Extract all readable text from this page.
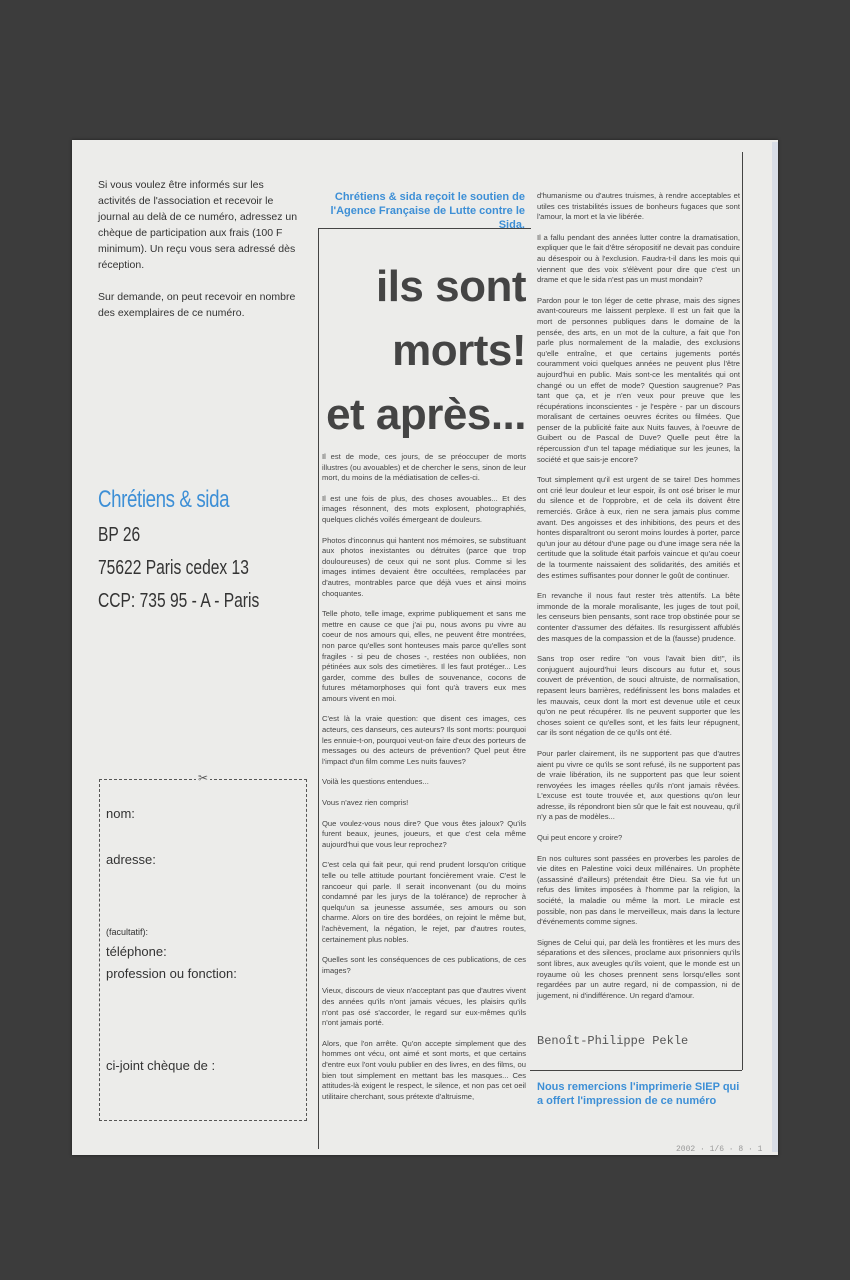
Si vous voulez être informés sur les activités de l'association et recevoir le journal au delà de ce numéro, adressez un chèque de participation aux frais (100 F minimum). Un reçu vous sera adressé dès réception.

Sur demande, on peut recevoir en nombre des exemplaires de ce numéro.

Chrétiens & sida
BP 26
75622 Paris cedex 13
CCP: 735 95 - A - Paris
✂
nom:
adresse:
(facultatif):
téléphone:
profession ou fonction:
ci-joint chèque de :
Chrétiens & sida reçoit le soutien de l'Agence Française de Lutte contre le Sida.
ils sont
morts!
et après...

Il est de mode, ces jours, de se préoccuper de morts illustres (ou avouables) et de chercher le sens, sinon de leur mort, du moins de la médiatisation de celles-ci.

Il est une fois de plus, des choses avouables... Et des images résonnent, des mots explosent, photographiés, quelques clichés voilés émergeant de douleurs.

Photos d'inconnus qui hantent nos mémoires, se substituant aux photos inexistantes ou détruites (parce que trop douloureuses) de ceux qui ne sont plus. Comme si les images intimes devaient être occultées, remplacées par d'autres, montrables parce que déjà vues et ainsi moins choquantes.

Telle photo, telle image, exprime publiquement et sans me mettre en cause ce que j'ai pu, nous avons pu vivre au coeur de nos amours qui, elles, ne peuvent être montrées, non parce qu'elles sont honteuses mais parce qu'elles sont fragiles - si peu de choses -, restées non oubliées, non pétinées aux sols des cimetières. Il les faut protéger... Les garder, comme des bulles de souvenance, cocons de futures métamorphoses qui font qu'à travers eux mes amours vivent en moi.

C'est là la vraie question: que disent ces images, ces acteurs, ces danseurs, ces auteurs? Ils sont morts: pourquoi les ennuie-t-on, pourquoi veut-on faire d'eux des porteurs de messages ou des acteurs de prévention? Quel peut être l'impact d'un film comme Les nuits fauves?

Voilà les questions entendues...

Vous n'avez rien compris!

Que voulez-vous nous dire? Que vous êtes jaloux? Qu'ils furent beaux, jeunes, joueurs, et que c'est cela même aujourd'hui que vous leur reprochez?

C'est cela qui fait peur, qui rend prudent lorsqu'on critique telle ou telle attitude pourtant foncièrement vraie. C'est le rancoeur qui parle. Il serait inconvenant (ou du moins condamné par les jurys de la tolérance) de reprocher à quelqu'un sa jeunesse assumée, ses amours ou son charme. Alors on tire des bordées, on rejoint le même but, l'achèvement, la négation, le rejet, par d'autres routes, certainement plus nobles.

Quelles sont les conséquences de ces publications, de ces images?

Vieux, discours de vieux n'acceptant pas que d'autres vivent des années qu'ils n'ont jamais vécues, les plaisirs qu'ils n'ont pas osé s'accorder, le regard sur eux-mêmes qu'ils n'ont jamais porté.

Alors, que l'on arrête. Qu'on accepte simplement que des hommes ont vécu, ont aimé et sont morts, et que certains d'entre eux l'ont voulu publier en des livres, en des films, ou bien tout simplement en mettant bas les masques... Ces attitudes-là exigent le respect, le silence, et non pas cet oeil utilitaire cherchant, sous prétexte d'altruisme,

d'humanisme ou d'autres truismes, à rendre acceptables et utiles ces tristabilités issues de bonheurs fugaces que sont l'amour, la mort et la vie libérée.

Il a fallu pendant des années lutter contre la dramatisation, expliquer que le fait d'être séropositif ne devait pas conduire au désespoir ou à l'exclusion. Faudra-t-il dans les mois qui viennent que des voix s'élèvent pour dire que c'est un drame et que le sida n'est pas un must mondain?

Pardon pour le ton léger de cette phrase, mais des signes avant-coureurs me laissent perplexe. Il est un fait que la mort de personnes publiques dans le domaine de la pensée, des arts, en un mot de la culture, a fait que l'on parle plus normalement de la maladie, des exclusions qu'elle entraîne, et que certains jugements portés couramment voici quelques années ne peuvent plus l'être aujourd'hui en public. Mais sont-ce les mentalités qui ont changé ou un effet de mode? Question saugrenue? Pas tant que ça, et je n'en veux pour preuve que les récupérations inconscientes - je l'espère - par un discours moralisant de certaines oeuvres écrites ou filmées. Que penser de la publicité faite aux Nuits fauves, à l'oeuvre de Guibert ou de Pascal de Duve? Quelle peut être la répercussion d'un tel tapage médiatique sur les jeunes, la société et que sais-je encore?

Tout simplement qu'il est urgent de se taire! Des hommes ont crié leur douleur et leur espoir, ils ont osé briser le mur du silence et de l'opprobre, et de cela ils doivent être remerciés. Grâce à eux, rien ne sera jamais plus comme avant. Des angoisses et des inhibitions, des peurs et des hontes disparaîtront ou seront moins lourdes à porter, parce qu'un jour au détour d'une page ou d'une image sera née la certitude que la solitude était parfois vaincue et qu'au coeur de la tourmente naissaient des solidarités, des amitiés et des estimes suffisantes pour donner le goût de continuer.

En revanche il nous faut rester très attentifs. La bête immonde de la morale moralisante, les juges de tout poil, les censeurs bien pensants, sont race trop obstinée pour se contenter d'assumer des défaites. Ils resurgissent affublés des masques de la compassion et de la (fausse) prudence.

Sans trop oser redire "on vous l'avait bien dit!", ils conjuguent aujourd'hui leurs discours au futur et, sous couvert de prévention, de souci altruiste, de normalisation, repasent leurs barrières, redéfinissent les bons malades et les mauvais, ceux dont la mort est devenue utile et ceux qu'on ne peut récupérer. Ils ne peuvent supporter que les choses soient ce qu'elles sont, et les faits leur répugnent, car ils sont négation de ce qu'ils ont été.

Pour parler clairement, ils ne supportent pas que d'autres aient pu vivre ce qu'ils se sont refusé, ils ne supportent pas de vraie libération, ils ne supportent pas que leur soient renvoyées les images réelles qu'ils n'ont jamais rêvées. L'excuse est toute trouvée et, aux questions qu'on leur adresse, ils répondront bien sûr que le fait est nouveau, qu'il n'y a pas de modèles...

Qui peut encore y croire?

En nos cultures sont passées en proverbes les paroles de vie dites en Palestine voici deux millénaires. Un prophète (assassiné d'ailleurs) prétendait être Dieu. Sa vie fut un refus des limites imposées à l'homme par la religion, la société, la maladie ou même la mort. Le miracle est possible, non pas dans le merveilleux, mais dans la lecture d'événements comme signes.

Signes de Celui qui, par delà les frontières et les murs des séparations et des silences, proclame aux prisonniers qu'ils sont libres, aux aveugles qu'ils voient, que le monde est un royaume où les choses prennent sens lorsqu'elles sont regardées par un autre regard, ni de compassion, ni de jugement, ni d'indifférence. Un regard d'amour.

Benoît-Philippe Pekle
Nous remercions l'imprimerie SIEP qui a offert l'impression de ce numéro
2002 · 1/6 · 8 · 1
